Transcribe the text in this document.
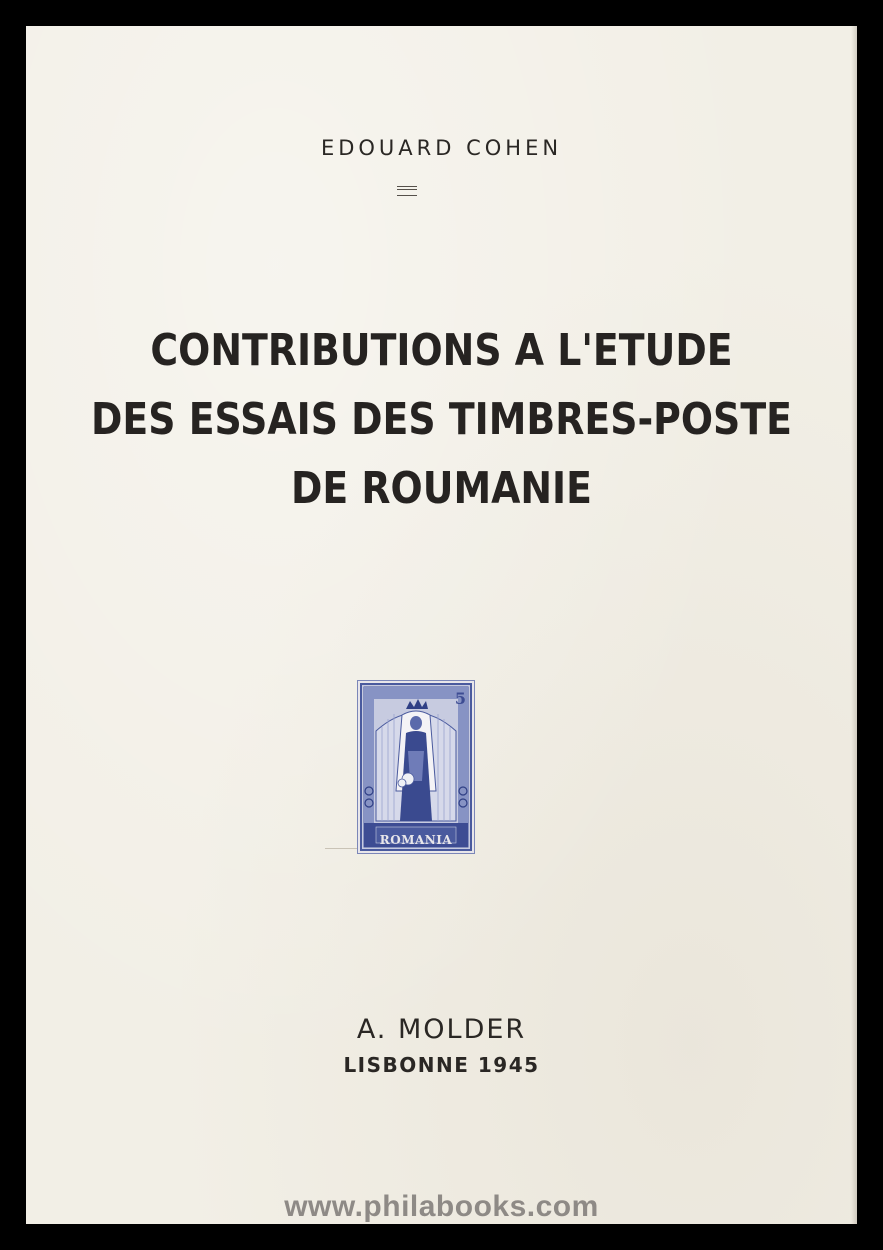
EDOUARD COHEN
CONTRIBUTIONS A L'ETUDE
DES ESSAIS DES TIMBRES-POSTE
DE ROUMANIE
5
ROMANIA
A. MOLDER
LISBONNE 1945
www.philabooks.com
